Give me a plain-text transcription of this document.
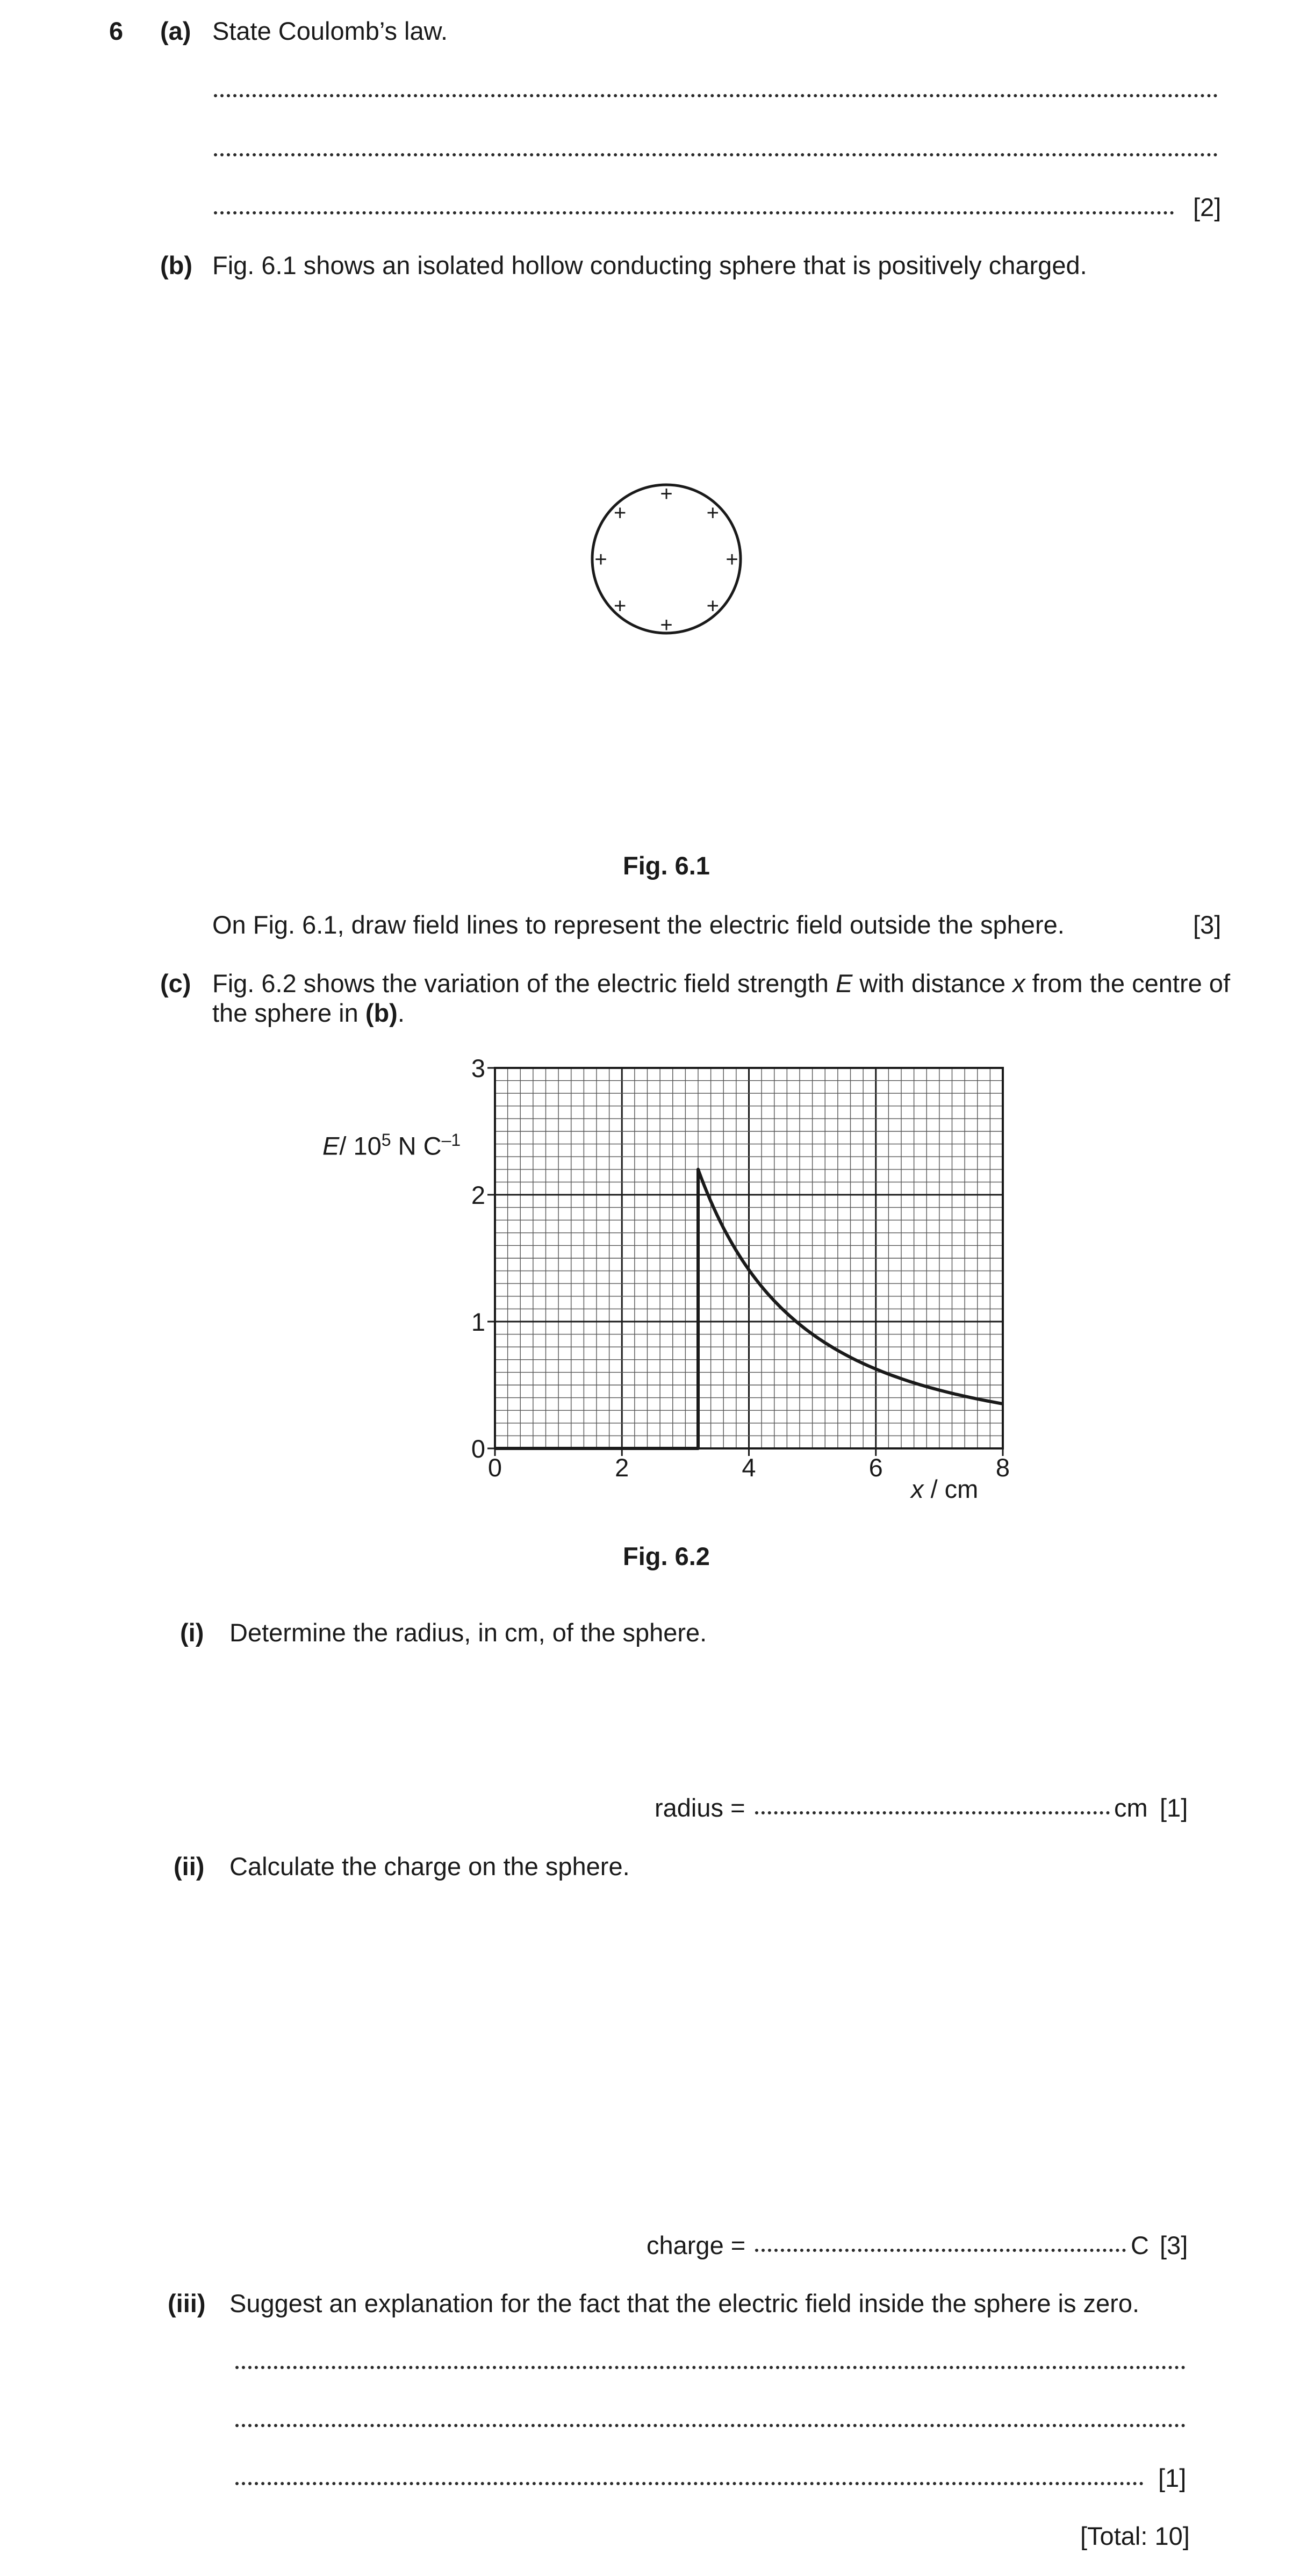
6 (a) State Coulomb’s law.
[2]
(b) Fig. 6.1 shows an isolated hollow conducting sphere that is positively charged.
+
+
+
+
+
+
+
+
Fig. 6.1
On Fig. 6.1, draw field lines to represent the electric field outside the sphere.	[3]
(c) Fig. 6.2 shows the variation of the electric field strength E with distance x from the centre of
the sphere in (b).
E/ $10^5$ N $C^{-1}$
0	2	4	6	8
0
1
2
3
x / cm
Fig. 6.2
(i) Determine the radius, in cm, of the sphere.
radius =	cm [1]
(ii) Calculate the charge on the sphere.
charge =	C [3]
(iii) Suggest an explanation for the fact that the electric field inside the sphere is zero.
[1]
[Total: 10]
